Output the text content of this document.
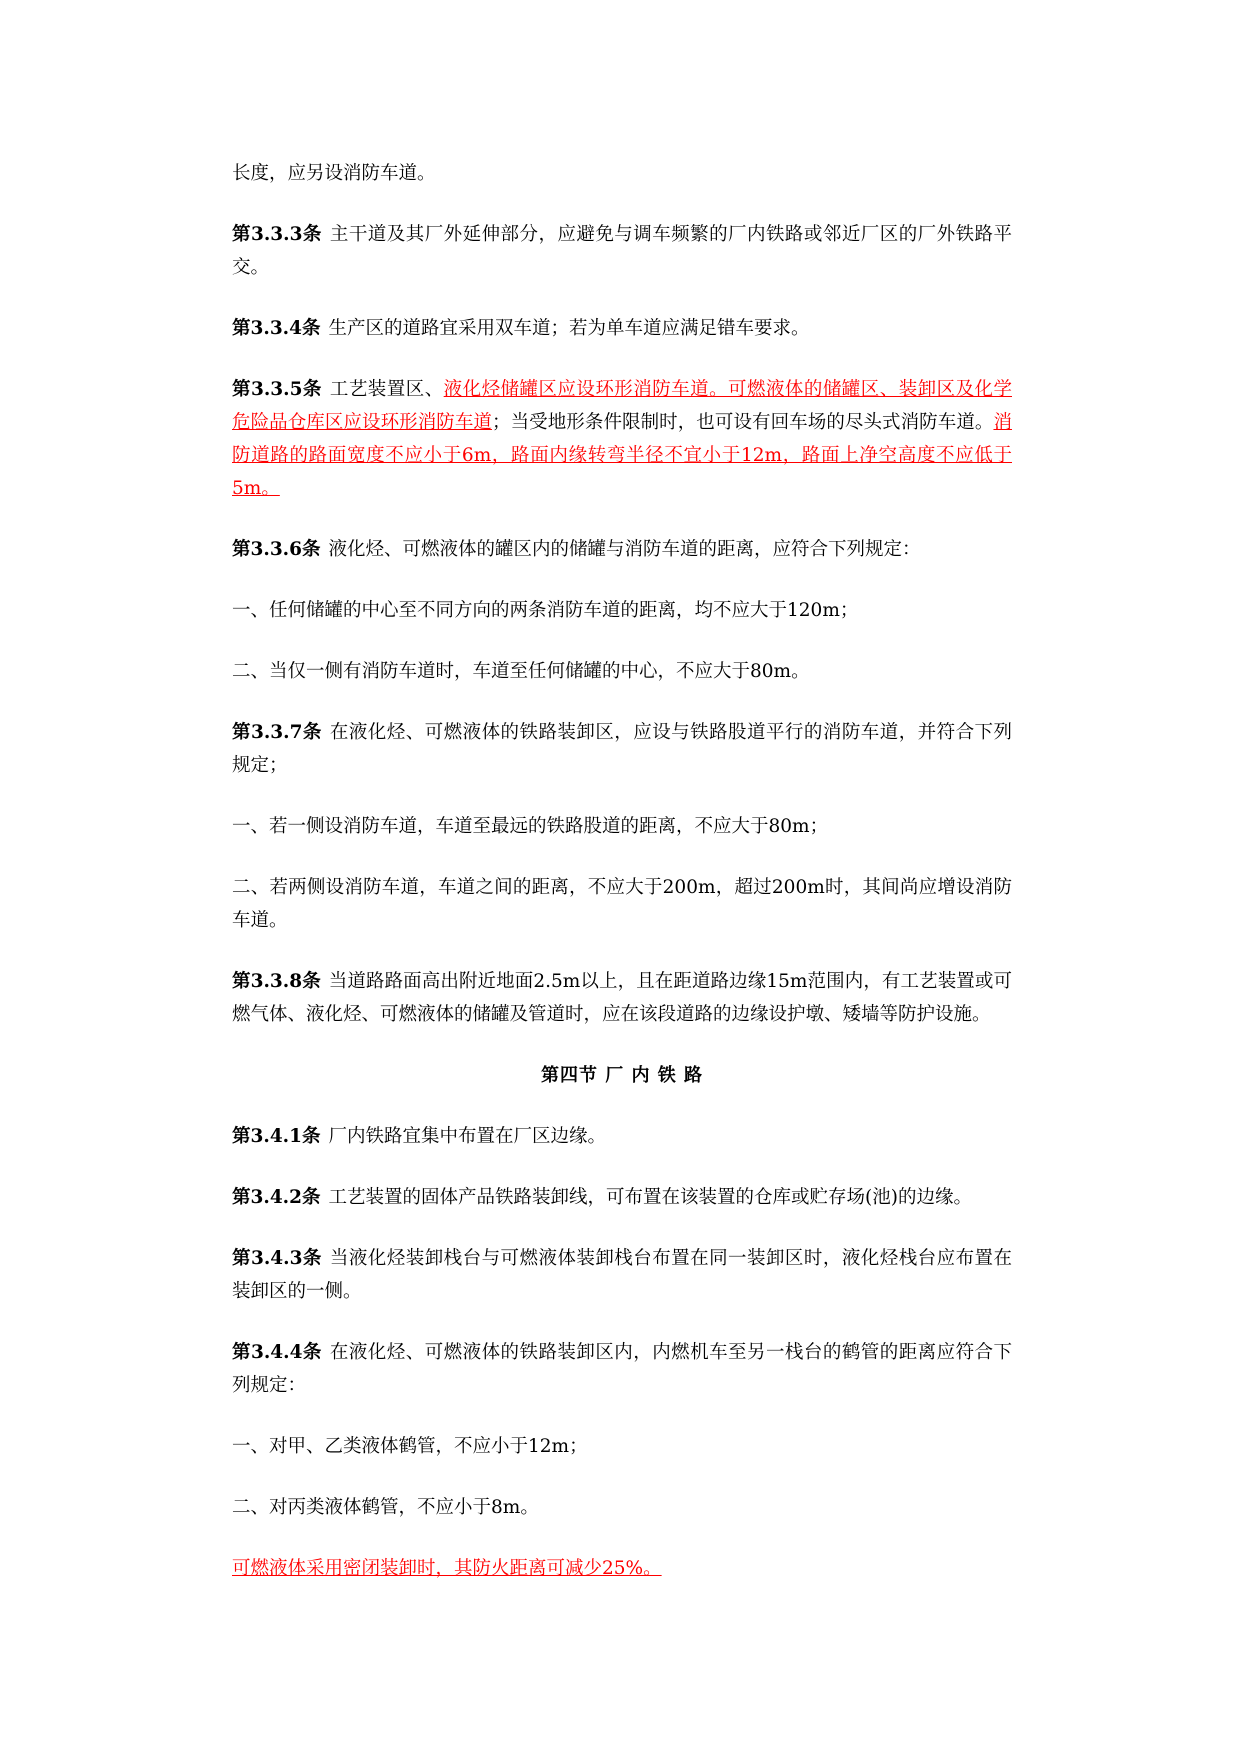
长度，应另设消防车道。
第3.3.3条 主干道及其厂外延伸部分，应避免与调车频繁的厂内铁路或邻近厂区的厂外铁路平交。
第3.3.4条 生产区的道路宜采用双车道；若为单车道应满足错车要求。
第3.3.5条 工艺装置区、液化烃储罐区应设环形消防车道。可燃液体的储罐区、装卸区及化学危险品仓库区应设环形消防车道；当受地形条件限制时，也可设有回车场的尽头式消防车道。消防道路的路面宽度不应小于6m，路面内缘转弯半径不宜小于12m，路面上净空高度不应低于5m。
第3.3.6条 液化烃、可燃液体的罐区内的储罐与消防车道的距离，应符合下列规定：
一、任何储罐的中心至不同方向的两条消防车道的距离，均不应大于120m；
二、当仅一侧有消防车道时，车道至任何储罐的中心，不应大于80m。
第3.3.7条 在液化烃、可燃液体的铁路装卸区，应设与铁路股道平行的消防车道，并符合下列规定；
一、若一侧设消防车道，车道至最远的铁路股道的距离，不应大于80m；
二、若两侧设消防车道，车道之间的距离，不应大于200m，超过200m时，其间尚应增设消防车道。
第3.3.8条 当道路路面高出附近地面2.5m以上，且在距道路边缘15m范围内，有工艺装置或可燃气体、液化烃、可燃液体的储罐及管道时，应在该段道路的边缘设护墩、矮墙等防护设施。
第四节 厂 内 铁 路
第3.4.1条 厂内铁路宜集中布置在厂区边缘。
第3.4.2条 工艺装置的固体产品铁路装卸线，可布置在该装置的仓库或贮存场(池)的边缘。
第3.4.3条 当液化烃装卸栈台与可燃液体装卸栈台布置在同一装卸区时，液化烃栈台应布置在装卸区的一侧。
第3.4.4条 在液化烃、可燃液体的铁路装卸区内，内燃机车至另一栈台的鹤管的距离应符合下列规定：
一、对甲、乙类液体鹤管，不应小于12m；
二、对丙类液体鹤管，不应小于8m。
可燃液体采用密闭装卸时，其防火距离可减少25%。
